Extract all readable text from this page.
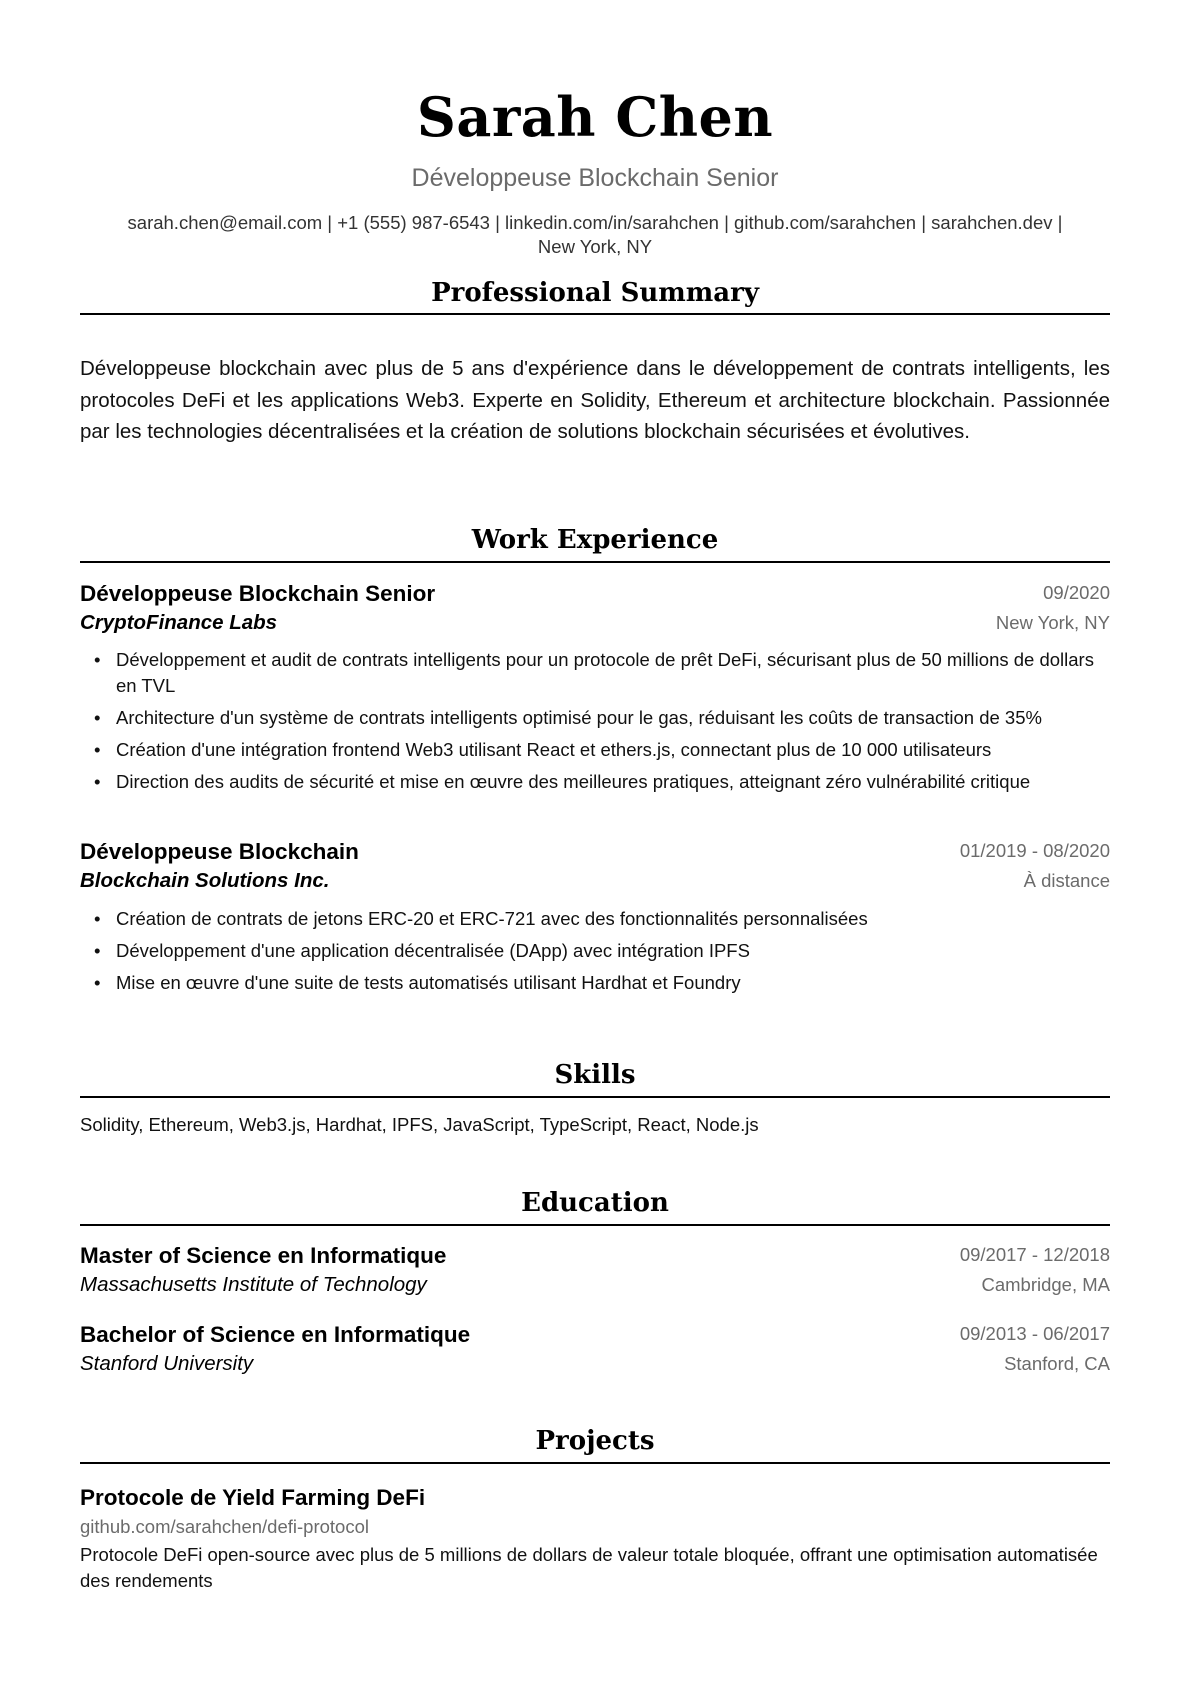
Sarah Chen
Développeuse Blockchain Senior
sarah.chen@email.com | +1 (555) 987-6543 | linkedin.com/in/sarahchen | github.com/sarahchen | sarahchen.dev |
New York, NY
Professional Summary
Développeuse blockchain avec plus de 5 ans d'expérience dans le développement de contrats intelligents, les protocoles DeFi et les applications Web3. Experte en Solidity, Ethereum et architecture blockchain. Passionnée par les technologies décentralisées et la création de solutions blockchain sécurisées et évolutives.
Work Experience
Développeuse Blockchain Senior	09/2020
CryptoFinance Labs	New York, NY
• Développement et audit de contrats intelligents pour un protocole de prêt DeFi, sécurisant plus de 50 millions de dollars en TVL
• Architecture d'un système de contrats intelligents optimisé pour le gas, réduisant les coûts de transaction de 35%
• Création d'une intégration frontend Web3 utilisant React et ethers.js, connectant plus de 10 000 utilisateurs
• Direction des audits de sécurité et mise en œuvre des meilleures pratiques, atteignant zéro vulnérabilité critique
Développeuse Blockchain	01/2019 - 08/2020
Blockchain Solutions Inc.	À distance
• Création de contrats de jetons ERC-20 et ERC-721 avec des fonctionnalités personnalisées
• Développement d'une application décentralisée (DApp) avec intégration IPFS
• Mise en œuvre d'une suite de tests automatisés utilisant Hardhat et Foundry
Skills
Solidity, Ethereum, Web3.js, Hardhat, IPFS, JavaScript, TypeScript, React, Node.js
Education
Master of Science en Informatique	09/2017 - 12/2018
Massachusetts Institute of Technology	Cambridge, MA
Bachelor of Science en Informatique	09/2013 - 06/2017
Stanford University	Stanford, CA
Projects
Protocole de Yield Farming DeFi
github.com/sarahchen/defi-protocol
Protocole DeFi open-source avec plus de 5 millions de dollars de valeur totale bloquée, offrant une optimisation automatisée des rendements
